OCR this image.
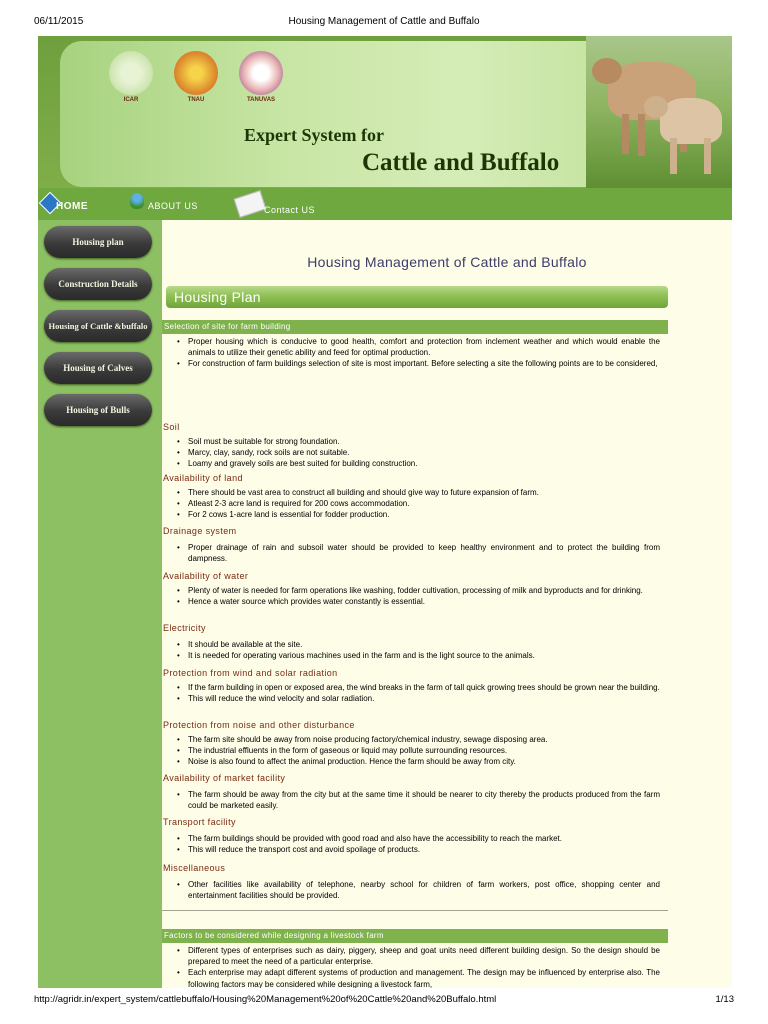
06/11/2015	Housing Management of Cattle and Buffalo
ICAR	TNAU	TANUVAS
Expert System for
Cattle and Buffalo
HOME	ABOUT US	Contact US
Housing plan
Construction Details
Housing of Cattle &buffalo
Housing of Calves
Housing of Bulls
Housing Management of Cattle and Buffalo
Housing Plan
Selection of site for farm building
• Proper housing which is conducive to good health, comfort and protection from inclement weather and which would enable the animals to utilize their genetic ability and feed for optimal production.
• For construction of farm buildings selection of site is most important. Before selecting a site the following points are to be considered,
Soil
• Soil must be suitable for strong foundation.
• Marcy, clay, sandy, rock soils are not suitable.
• Loamy and gravely soils are best suited for building construction.
Availability of land
• There should be vast area to construct all building and should give way to future expansion of farm.
• Atleast 2-3 acre land is required for 200 cows accommodation.
• For 2 cows 1-acre land is essential for fodder production.
Drainage system
• Proper drainage of rain and subsoil water should be provided to keep healthy environment and to protect the building from dampness.
Availability of water
• Plenty of water is needed for farm operations like washing, fodder cultivation, processing of milk and byproducts and for drinking.
• Hence a water source which provides water constantly is essential.
Electricity
• It should be available at the site.
• It is needed for operating various machines used in the farm and is the light source to the animals.
Protection from wind and solar radiation
• If the farm building in open or exposed area, the wind breaks in the farm of tall quick growing trees should be grown near the building.
• This will reduce the wind velocity and solar radiation.
Protection from noise and other disturbance
• The farm site should be away from noise producing factory/chemical industry, sewage disposing area.
• The industrial effluents in the form of gaseous or liquid may pollute surrounding resources.
• Noise is also found to affect the animal production. Hence the farm should be away from city.
Availability of market facility
• The farm should be away from the city but at the same time it should be nearer to city thereby the products produced from the farm could be marketed easily.
Transport facility
• The farm buildings should be provided with good road and also have the accessibility to reach the market.
• This will reduce the transport cost and avoid spoilage of products.
Miscellaneous
• Other facilities like availability of telephone, nearby school for children of farm workers, post office, shopping center and entertainment facilities should be provided.
Factors to be considered while designing a livestock farm
• Different types of enterprises such as dairy, piggery, sheep and goat units need different building design. So the design should be prepared to meet the need of a particular enterprise.
• Each enterprise may adapt different systems of production and management. The design may be influenced by enterprise also. The following factors may be considered while designing a livestock farm,
http://agridr.in/expert_system/cattlebuffalo/Housing%20Management%20of%20Cattle%20and%20Buffalo.html	1/13
